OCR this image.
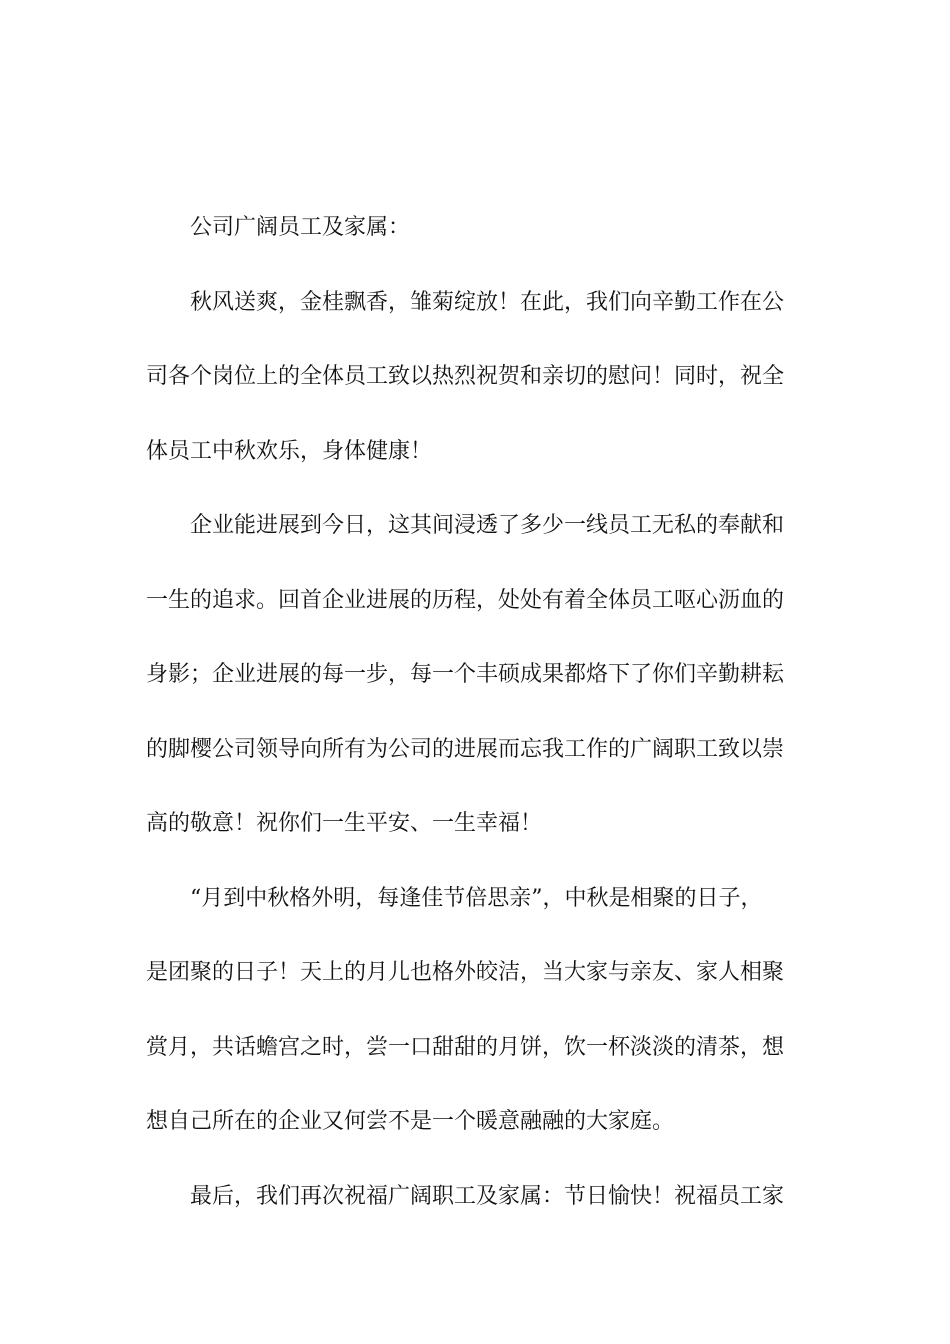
公司广阔员工及家属：
秋风送爽，金桂飘香，雏菊绽放！在此，我们向辛勤工作在公
司各个岗位上的全体员工致以热烈祝贺和亲切的慰问！同时，祝全
体员工中秋欢乐，身体健康！
企业能进展到今日，这其间浸透了多少一线员工无私的奉献和
一生的追求。回首企业进展的历程，处处有着全体员工呕心沥血的
身影；企业进展的每一步，每一个丰硕成果都烙下了你们辛勤耕耘
的脚樱公司领导向所有为公司的进展而忘我工作的广阔职工致以崇
高的敬意！祝你们一生平安、一生幸福！
“月到中秋格外明，每逢佳节倍思亲”，中秋是相聚的日子，
是团聚的日子！天上的月儿也格外皎洁，当大家与亲友、家人相聚
赏月，共话蟾宫之时，尝一口甜甜的月饼，饮一杯淡淡的清茶，想
想自己所在的企业又何尝不是一个暖意融融的大家庭。
最后，我们再次祝福广阔职工及家属：节日愉快！祝福员工家
